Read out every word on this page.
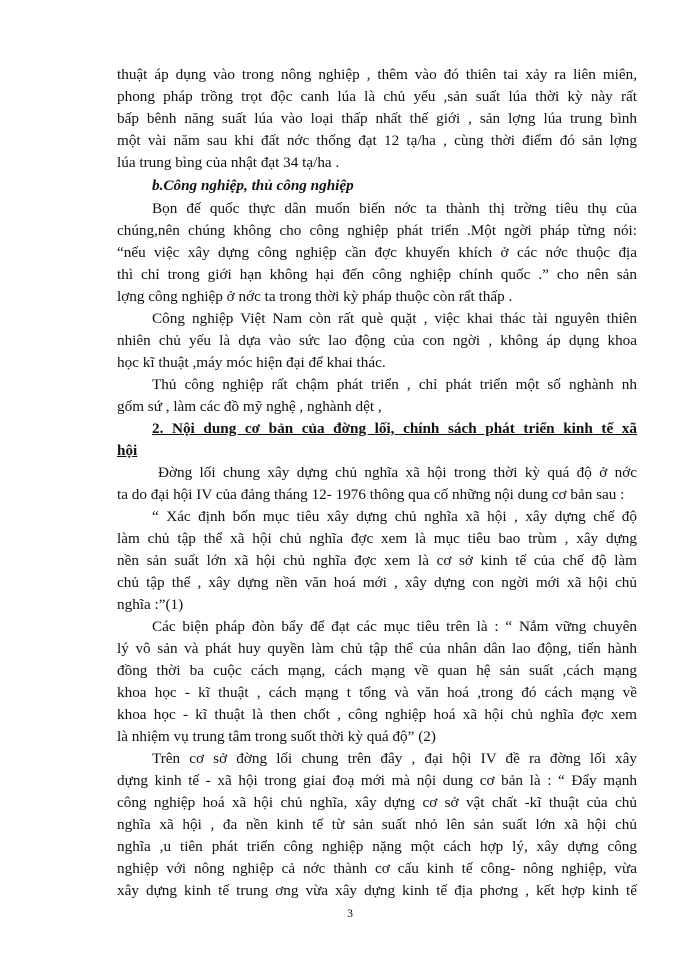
thuật áp dụng vào trong nông nghiệp , thêm vào đó thiên tai xảy ra liên miên,
phong pháp trồng trọt độc canh lúa là chủ yếu ,sản suất lúa thời kỳ này rất
bấp bênh năng suất lúa vào loại thấp nhất thế giới , sản lợng lúa trung bình
một vài năm sau khi đất nớc thống đạt 12 tạ/ha , cùng thời điểm đó sản lợng
lúa trung bìng của nhật đạt 34 tạ/ha .
b.Công nghiệp, thủ công nghiệp
Bọn đế quốc thực dân muốn biến nớc ta thành thị trờng tiêu thụ của
chúng,nên chúng không cho công nghiệp phát triển .Một ngời pháp từng nói:
“nếu việc xây dựng công nghiệp cần đợc khuyến khích ở các nớc thuộc địa
thì chỉ trong giới hạn không hại đến công nghiệp chính quốc .” cho nên sản
lợng công nghiệp ở nớc ta trong thời kỳ pháp thuộc còn rất thấp .
Công nghiệp Việt Nam còn rất què quặt , việc khai thác tài nguyên thiên
nhiên chủ yếu là dựa vào sức lao động của con ngời , không áp dụng khoa
học kĩ thuật ,máy móc hiện đại để khai thác.
Thủ công nghiệp rất chậm phát triển , chỉ phát triển một số nghành nh
gốm sứ , làm các đồ mỹ nghệ , nghành dệt ,
2. Nội dung cơ bản của đờng lối, chính sách phát triển kinh tế xã
hội
Đờng lối chung xây dựng chủ nghĩa xã hội trong thời kỳ quá độ ở nớc
ta do đại hội IV của đảng tháng 12- 1976 thông qua cố những nội dung cơ bản sau :
“ Xác định bốn mục tiêu xây dựng chủ nghĩa xã hội , xây dựng chế độ
làm chủ tập thể xã hội chủ nghĩa đợc xem là mục tiêu bao trùm , xây dựng
nền sản suất lớn xã hội chủ nghĩa đợc xem là cơ sở kinh tế của chế độ làm
chủ tập thể , xây dựng nền văn hoá mới , xây dựng con ngời mới xã hội chủ
nghĩa :”(1)
Các biện pháp đòn bẩy để đạt các mục tiêu trên là : “ Nắm vững chuyên
lý vô sản và phát huy quyền làm chủ tập thể của nhân dân lao động, tiến hành
đồng thời ba cuộc cách mạng, cách mạng về quan hệ sản suất ,cách mạng
khoa học - kĩ thuật , cách mạng t tổng và văn hoá ,trong đó cách mạng về
khoa học - kĩ thuật là then chốt , công nghiệp hoá xã hội chủ nghĩa đợc xem
là nhiệm vụ trung tâm trong suốt thời kỳ quá độ” (2)
Trên cơ sở đờng lối chung trên đây , đại hội IV đề ra đờng lối xây
dựng kinh tế - xã hội trong giai đoạ mới mà nội dung cơ bản là : “ Đẩy mạnh
công nghiệp hoá xã hội chủ nghĩa, xây dựng cơ sở vật chất -kĩ thuật của chủ
nghĩa xã hội , đa nền kinh tế từ sản suất nhỏ lên sản suất lớn xã hội chủ
nghĩa ,u tiên phát triển công nghiệp nặng một cách hợp lý, xây dựng công
nghiệp với nông nghiệp cả nớc thành cơ cấu kinh tế công- nông nghiệp, vừa
xây dựng kinh tế trung ơng vừa xây dựng kinh tế địa phơng , kết hợp kinh tế
3
